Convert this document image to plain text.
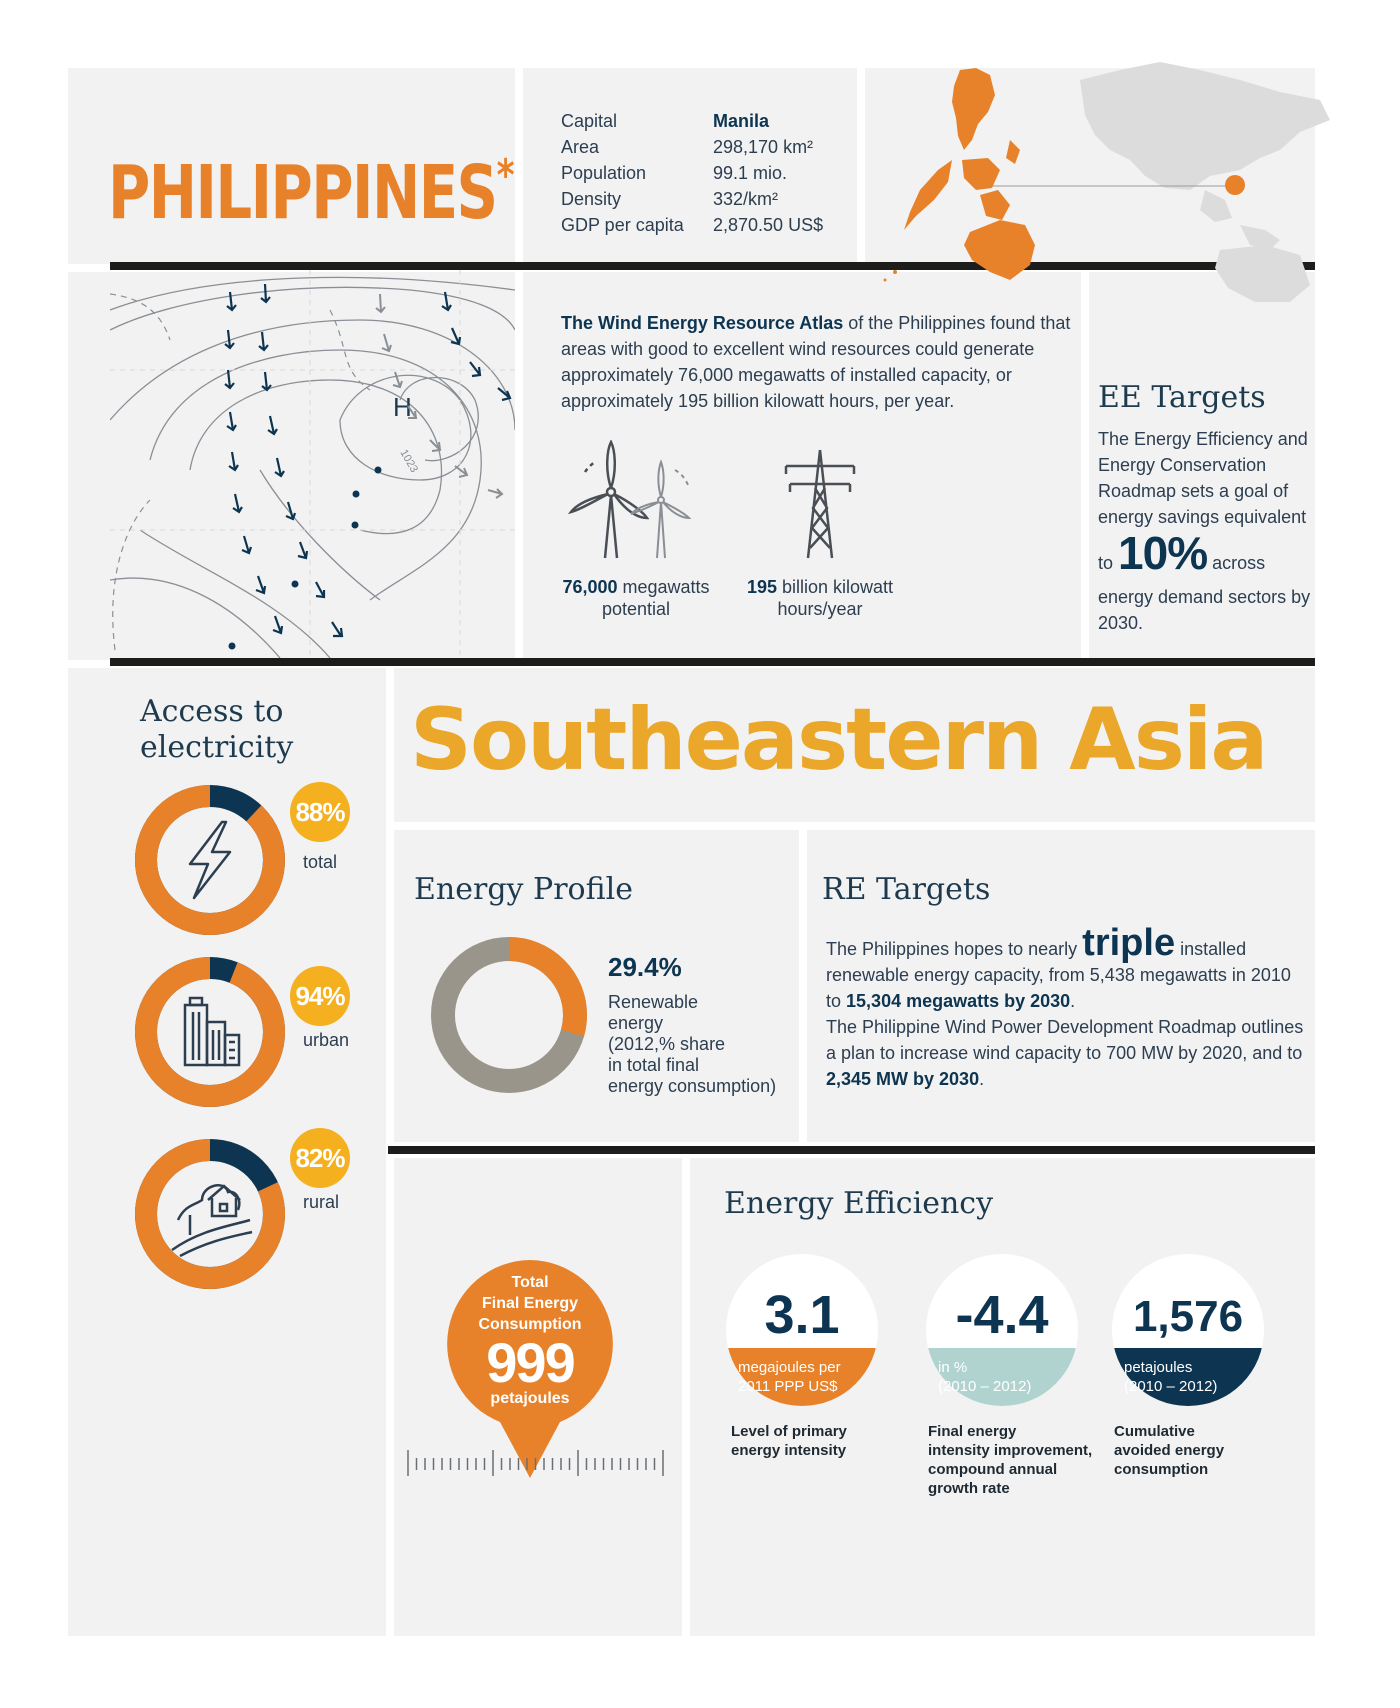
PHILIPPINES*
Capital	Manila
Area	298,170 km²
Population	99.1 mio.
Density	332/km²
GDP per capita	2,870.50 US$
H
1023
The Wind Energy Resource Atlas of the Philippines found that areas with good to excellent wind resources could generate approximately 76,000 megawatts of installed capacity, or approximately 195 billion kilowatt hours, per year.
76,000 megawatts
potential
195 billion kilowatt
hours/year
EE Targets
The Energy Efficiency and Energy Conservation Roadmap sets a goal of energy savings equivalent
to 10% across
energy demand sectors by 2030.
Access to
electricity
88%
total
94%
urban
82%
rural
Southeastern Asia
Energy Profile
29.4%
Renewable
energy
(2012,% share
in total final
energy consumption)
RE Targets
The Philippines hopes to nearly triple installed renewable energy capacity, from 5,438 megawatts in 2010 to 15,304 megawatts by 2030.
The Philippine Wind Power Development Roadmap outlines a plan to increase wind capacity to 700 MW by 2020, and to 2,345 MW by 2030.
Total
Final Energy
Consumption
999
petajoules
Energy Efficiency
3.1
megajoules per
2011 PPP US$
Level of primary
energy intensity
-4.4
in %
(2010 – 2012)
Final energy
intensity improvement,
compound annual
growth rate
1,576
petajoules
(2010 – 2012)
Cumulative
avoided energy
consumption
